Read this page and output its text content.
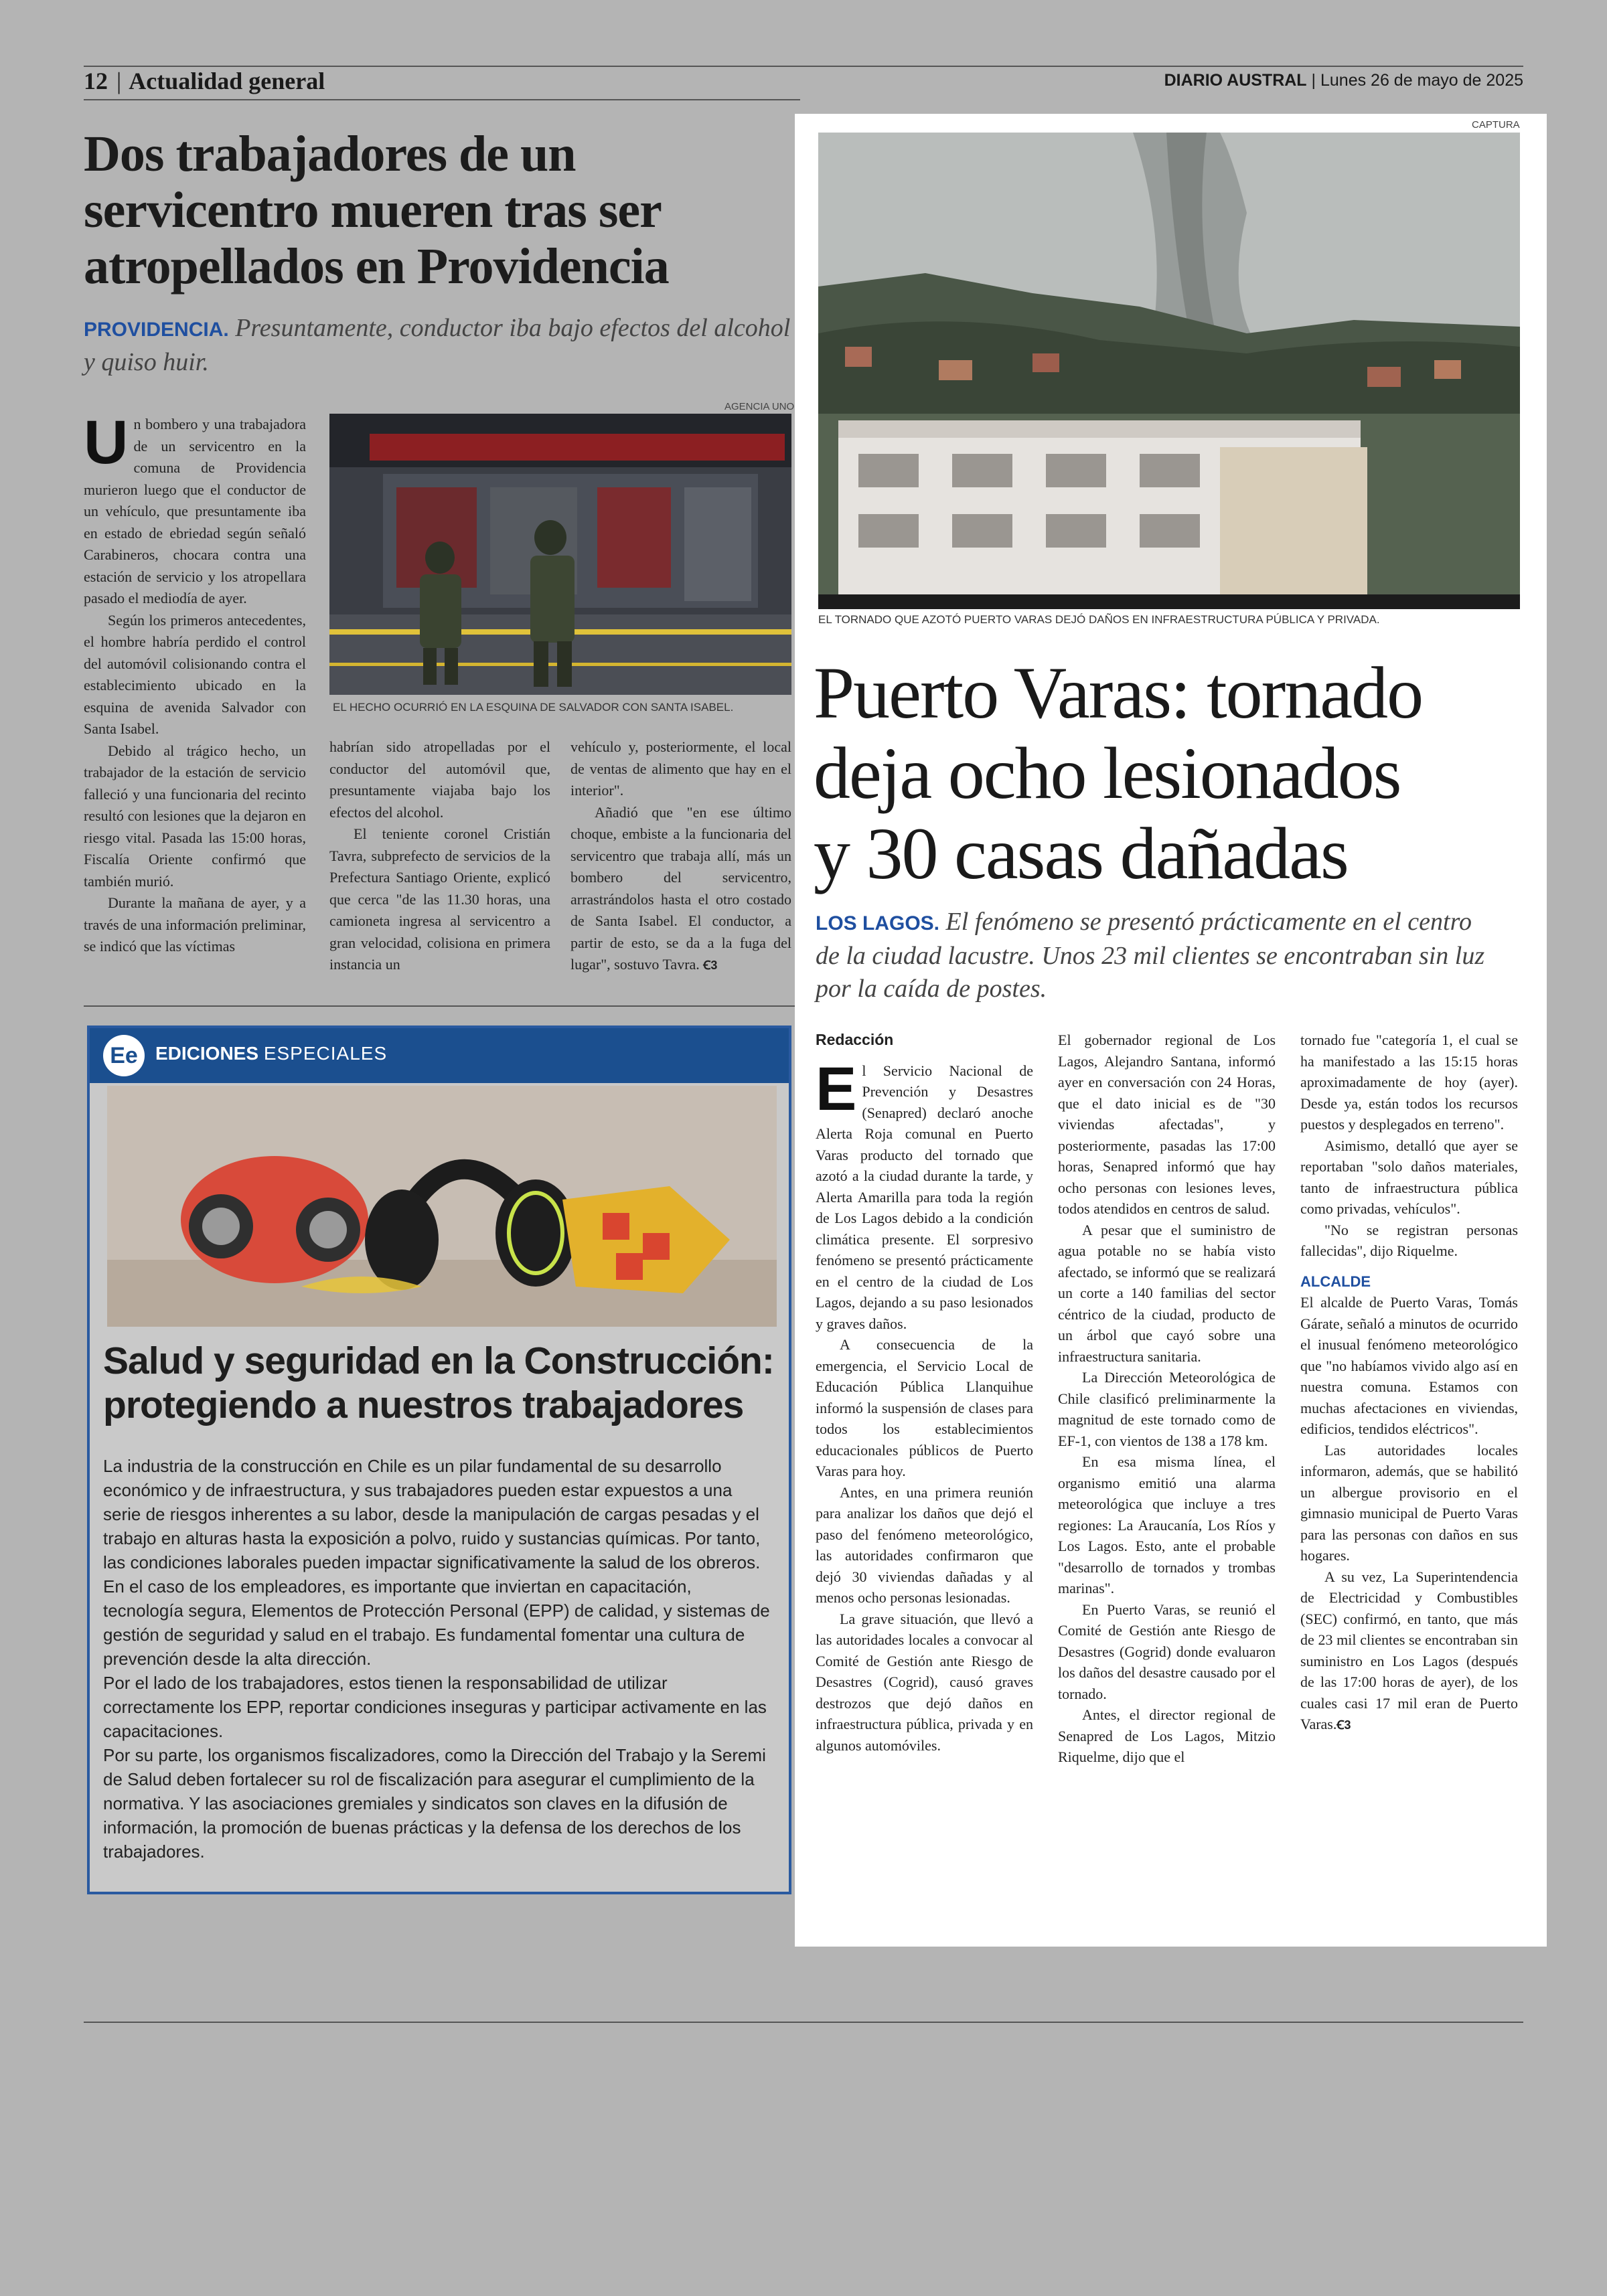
12 | Actualidad general	DIARIO AUSTRAL | Lunes 26 de mayo de 2025
Dos trabajadores de un
servicentro mueren tras ser
atropellados en Providencia
PROVIDENCIA. Presuntamente, conductor iba bajo efectos del alcohol y quiso huir.
AGENCIA UNO
EL HECHO OCURRIÓ EN LA ESQUINA DE SALVADOR CON SANTA ISABEL.

Un bombero y una trabajadora de un servicentro en la comuna de Providencia murieron luego que el conductor de un vehículo, que presuntamente iba en estado de ebriedad según señaló Carabineros, chocara contra una estación de servicio y los atropellara pasado el mediodía de ayer.

Según los primeros antecedentes, el hombre habría perdido el control del automóvil colisionando contra el establecimiento ubicado en la esquina de avenida Salvador con Santa Isabel.

Debido al trágico hecho, un trabajador de la estación de servicio falleció y una funcionaria del recinto resultó con lesiones que la dejaron en riesgo vital. Pasada las 15:00 horas, Fiscalía Oriente confirmó que también murió.

Durante la mañana de ayer, y a través de una información preliminar, se indicó que las víctimas

habrían sido atropelladas por el conductor del automóvil que, presuntamente viajaba bajo los efectos del alcohol.

El teniente coronel Cristián Tavra, subprefecto de servicios de la Prefectura Santiago Oriente, explicó que cerca "de las 11.30 horas, una camioneta ingresa al servicentro a gran velocidad, colisiona en primera instancia un

vehículo y, posteriormente, el local de ventas de alimento que hay en el interior".

Añadió que "en ese último choque, embiste a la funcionaria del servicentro que trabaja allí, más un bombero del servicentro, arrastrándolos hasta el otro costado de Santa Isabel. El conductor, a partir de esto, se da a la fuga del lugar", sostuvo Tavra. Ꞓ3

Ee EDICIONES ESPECIALES
Salud y seguridad en la Construcción:
protegiendo a nuestros trabajadores

La industria de la construcción en Chile es un pilar fundamental de su desarrollo económico y de infraestructura, y sus trabajadores pueden estar expuestos a una serie de riesgos inherentes a su labor, desde la manipulación de cargas pesadas y el trabajo en alturas hasta la exposición a polvo, ruido y sustancias químicas. Por tanto, las condiciones laborales pueden impactar significativamente la salud de los obreros.

En el caso de los empleadores, es importante que inviertan en capacitación, tecnología segura, Elementos de Protección Personal (EPP) de calidad, y sistemas de gestión de seguridad y salud en el trabajo. Es fundamental fomentar una cultura de prevención desde la alta dirección.

Por el lado de los trabajadores, estos tienen la responsabilidad de utilizar correctamente los EPP, reportar condiciones inseguras y participar activamente en las capacitaciones.

Por su parte, los organismos fiscalizadores, como la Dirección del Trabajo y la Seremi de Salud deben fortalecer su rol de fiscalización para asegurar el cumplimiento de la normativa. Y las asociaciones gremiales y sindicatos son claves en la difusión de información, la promoción de buenas prácticas y la defensa de los derechos de los trabajadores.

CAPTURA
EL TORNADO QUE AZOTÓ PUERTO VARAS DEJÓ DAÑOS EN INFRAESTRUCTURA PÚBLICA Y PRIVADA.
Puerto Varas: tornado
deja ocho lesionados
y 30 casas dañadas
LOS LAGOS. El fenómeno se presentó prácticamente en el centro de la ciudad lacustre. Unos 23 mil clientes se encontraban sin luz por la caída de postes.
Redacción

El Servicio Nacional de Prevención y Desastres (Senapred) declaró anoche Alerta Roja comunal en Puerto Varas producto del tornado que azotó a la ciudad durante la tarde, y Alerta Amarilla para toda la región de Los Lagos debido a la condición climática presente. El sorpresivo fenómeno se presentó prácticamente en el centro de la ciudad de Los Lagos, dejando a su paso lesionados y graves daños.

A consecuencia de la emergencia, el Servicio Local de Educación Pública Llanquihue informó la suspensión de clases para todos los establecimientos educacionales públicos de Puerto Varas para hoy.

Antes, en una primera reunión para analizar los daños que dejó el paso del fenómeno meteorológico, las autoridades confirmaron que dejó 30 viviendas dañadas y al menos ocho personas lesionadas.

La grave situación, que llevó a las autoridades locales a convocar al Comité de Gestión ante Riesgo de Desastres (Cogrid), causó graves destrozos que dejó daños en infraestructura pública, privada y en algunos automóviles.

El gobernador regional de Los Lagos, Alejandro Santana, informó ayer en conversación con 24 Horas, que el dato inicial es de "30 viviendas afectadas", y posteriormente, pasadas las 17:00 horas, Senapred informó que hay ocho personas con lesiones leves, todos atendidos en centros de salud.

A pesar que el suministro de agua potable no se había visto afectado, se informó que se realizará un corte a 140 familias del sector céntrico de la ciudad, producto de un árbol que cayó sobre una infraestructura sanitaria.

La Dirección Meteorológica de Chile clasificó preliminarmente la magnitud de este tornado como de EF-1, con vientos de 138 a 178 km.

En esa misma línea, el organismo emitió una alarma meteorológica que incluye a tres regiones: La Araucanía, Los Ríos y Los Lagos. Esto, ante el probable "desarrollo de tornados y trombas marinas".

En Puerto Varas, se reunió el Comité de Gestión ante Riesgo de Desastres (Gogrid) donde evaluaron los daños del desastre causado por el tornado.

Antes, el director regional de Senapred de Los Lagos, Mitzio Riquelme, dijo que el

tornado fue "categoría 1, el cual se ha manifestado a las 15:15 horas aproximadamente de hoy (ayer). Desde ya, están todos los recursos puestos y desplegados en terreno".

Asimismo, detalló que ayer se reportaban "solo daños materiales, tanto de infraestructura pública como privadas, vehículos".

"No se registran personas fallecidas", dijo Riquelme.

ALCALDE

El alcalde de Puerto Varas, Tomás Gárate, señaló a minutos de ocurrido el inusual fenómeno meteorológico que "no habíamos vivido algo así en nuestra comuna. Estamos con muchas afectaciones en viviendas, edificios, tendidos eléctricos".

Las autoridades locales informaron, además, que se habilitó un albergue provisorio en el gimnasio municipal de Puerto Varas para las personas con daños en sus hogares.

A su vez, La Superintendencia de Electricidad y Combustibles (SEC) confirmó, en tanto, que más de 23 mil clientes se encontraban sin suministro en Los Lagos (después de las 17:00 horas de ayer), de los cuales casi 17 mil eran de Puerto Varas.Ꞓ3
